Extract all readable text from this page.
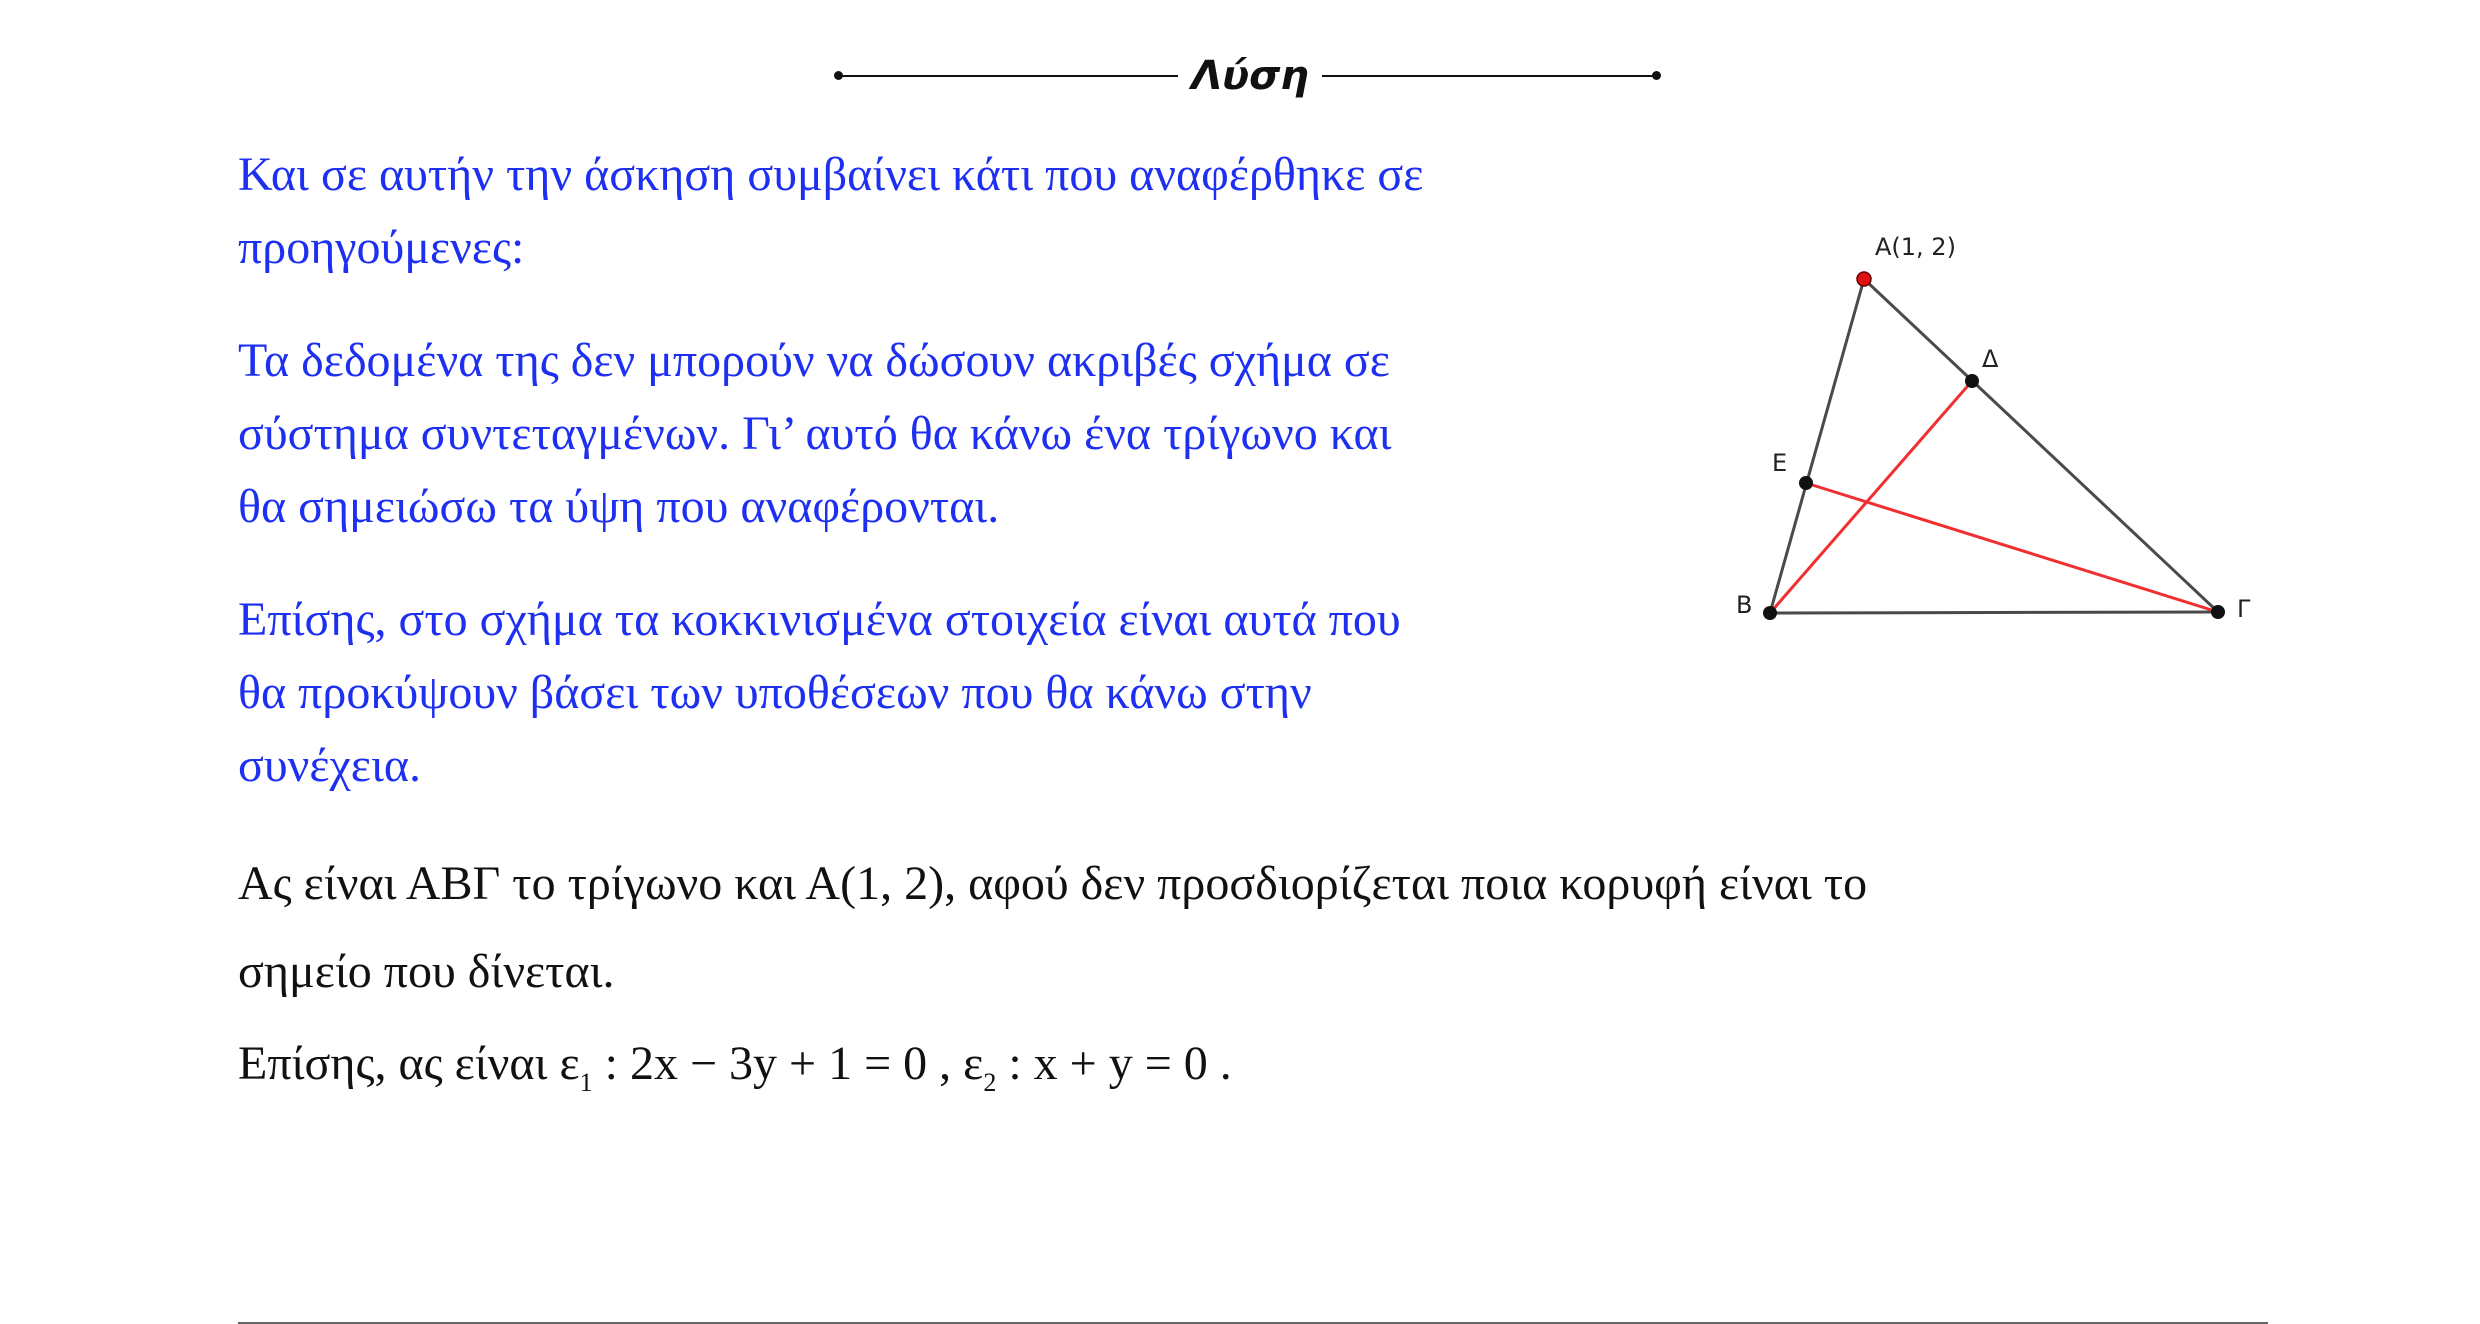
Λύση

Και σε αυτήν την άσκηση συμβαίνει κάτι που αναφέρθηκε σε
προηγούμενες:

Τα δεδομένα της δεν μπορούν να δώσουν ακριβές σχήμα σε
σύστημα συντεταγμένων. Γι’ αυτό θα κάνω ένα τρίγωνο και
θα σημειώσω τα ύψη που αναφέρονται.

Επίσης, στο σχήμα τα κοκκινισμένα στοιχεία είναι αυτά που
θα προκύψουν βάσει των υποθέσεων που θα κάνω στην
συνέχεια.

Ας είναι ΑΒΓ το τρίγωνο και Α(1, 2), αφού δεν προσδιορίζεται ποια κορυφή είναι το
σημείο που δίνεται.

Επίσης, ας είναι $\varepsilon_1$ : 2x − 3y + 1 = 0 , $\varepsilon_2$ : x + y = 0 .

Α(1, 2)
Β	Γ
Δ
Ε
